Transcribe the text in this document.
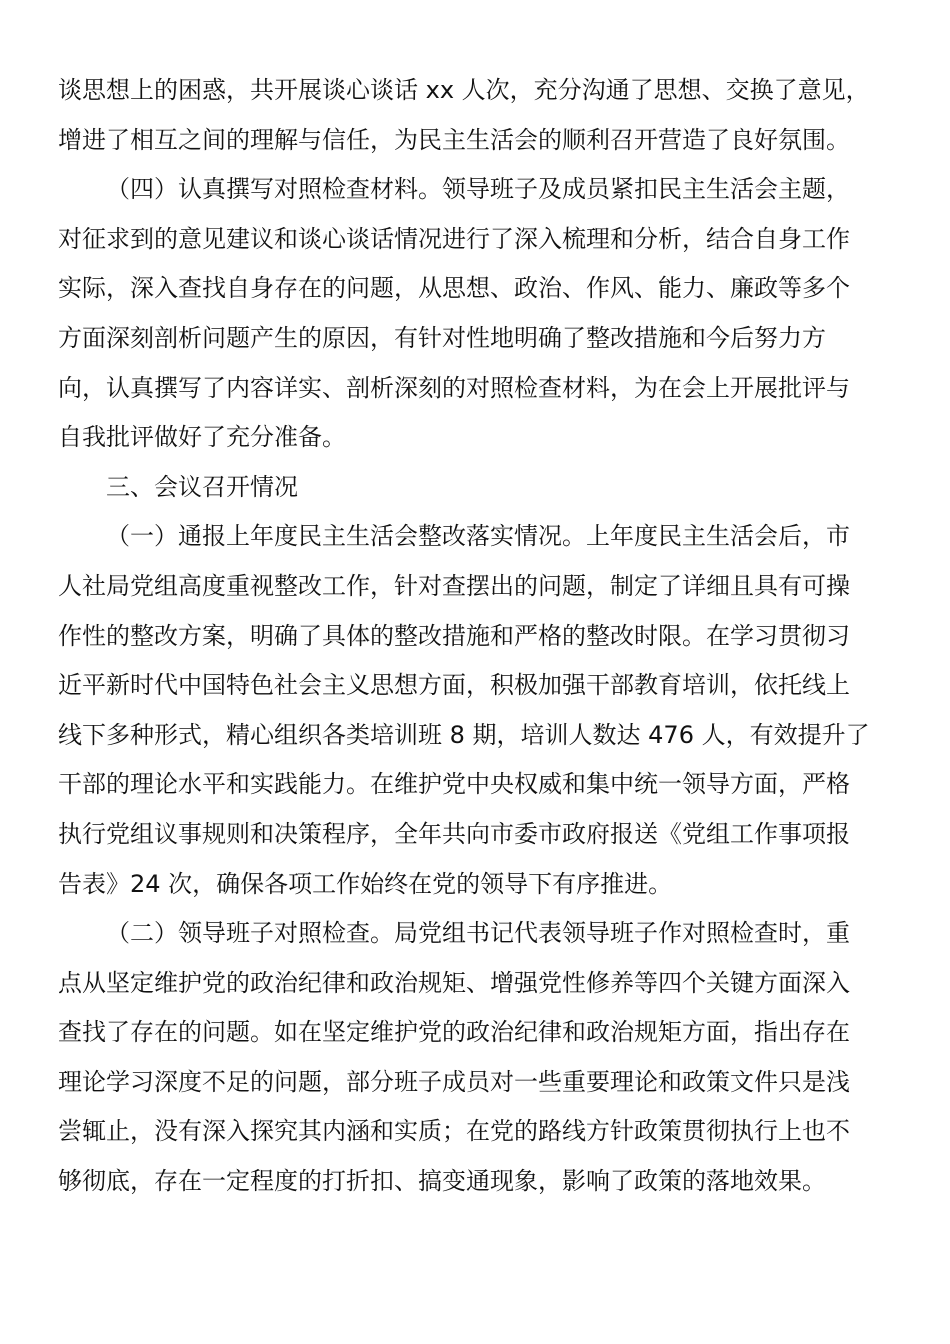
谈思想上的困惑，共开展谈心谈话 xx 人次，充分沟通了思想、交换了意见，
增进了相互之间的理解与信任，为民主生活会的顺利召开营造了良好氛围。

（四）认真撰写对照检查材料。领导班子及成员紧扣民主生活会主题，
对征求到的意见建议和谈心谈话情况进行了深入梳理和分析，结合自身工作
实际，深入查找自身存在的问题，从思想、政治、作风、能力、廉政等多个
方面深刻剖析问题产生的原因，有针对性地明确了整改措施和今后努力方
向，认真撰写了内容详实、剖析深刻的对照检查材料，为在会上开展批评与
自我批评做好了充分准备。

三、会议召开情况

（一）通报上年度民主生活会整改落实情况。上年度民主生活会后，市
人社局党组高度重视整改工作，针对查摆出的问题，制定了详细且具有可操
作性的整改方案，明确了具体的整改措施和严格的整改时限。在学习贯彻习
近平新时代中国特色社会主义思想方面，积极加强干部教育培训，依托线上
线下多种形式，精心组织各类培训班 8 期，培训人数达 476 人，有效提升了
干部的理论水平和实践能力。在维护党中央权威和集中统一领导方面，严格
执行党组议事规则和决策程序，全年共向市委市政府报送《党组工作事项报
告表》24 次，确保各项工作始终在党的领导下有序推进。

（二）领导班子对照检查。局党组书记代表领导班子作对照检查时，重
点从坚定维护党的政治纪律和政治规矩、增强党性修养等四个关键方面深入
查找了存在的问题。如在坚定维护党的政治纪律和政治规矩方面，指出存在
理论学习深度不足的问题，部分班子成员对一些重要理论和政策文件只是浅
尝辄止，没有深入探究其内涵和实质；在党的路线方针政策贯彻执行上也不
够彻底，存在一定程度的打折扣、搞变通现象，影响了政策的落地效果。
